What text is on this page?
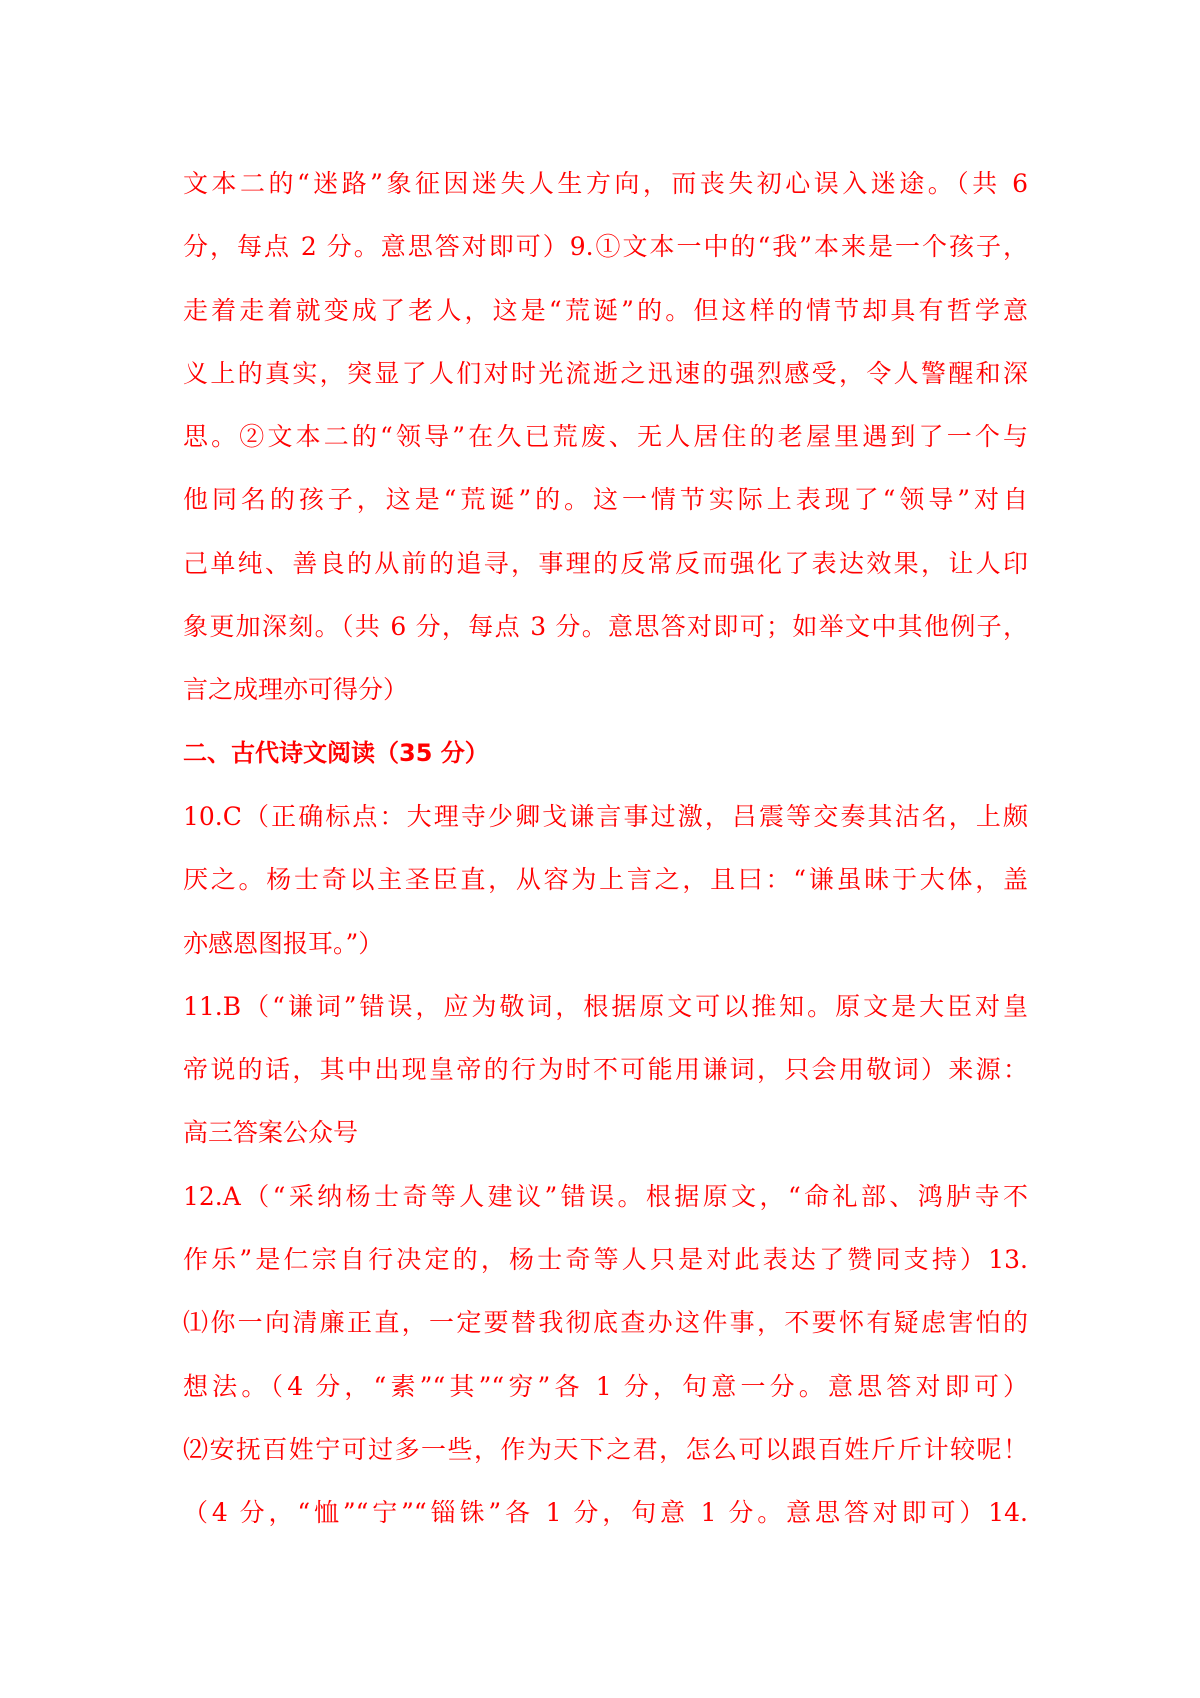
文本二的“迷路”象征因迷失人生方向，而丧失初心误入迷途。（共 6
分，每点 2 分。意思答对即可）9.①文本一中的“我”本来是一个孩子，
走着走着就变成了老人，这是“荒诞”的。但这样的情节却具有哲学意
义上的真实，突显了人们对时光流逝之迅速的强烈感受，令人警醒和深
思。②文本二的“领导”在久已荒废、无人居住的老屋里遇到了一个与
他同名的孩子，这是“荒诞”的。这一情节实际上表现了“领导”对自
己单纯、善良的从前的追寻，事理的反常反而强化了表达效果，让人印
象更加深刻。（共 6 分，每点 3 分。意思答对即可；如举文中其他例子，
言之成理亦可得分）
二、古代诗文阅读（35 分）
10.C（正确标点：大理寺少卿戈谦言事过激，吕震等交奏其沽名，上颇
厌之。杨士奇以主圣臣直，从容为上言之，且曰：“谦虽昧于大体，盖
亦感恩图报耳。”）
11.B（“谦词”错误，应为敬词，根据原文可以推知。原文是大臣对皇
帝说的话，其中出现皇帝的行为时不可能用谦词，只会用敬词）来源：
高三答案公众号
12.A（“采纳杨士奇等人建议”错误。根据原文，“命礼部、鸿胪寺不
作乐”是仁宗自行决定的，杨士奇等人只是对此表达了赞同支持）13.
⑴你一向清廉正直，一定要替我彻底查办这件事，不要怀有疑虑害怕的
想法。（4 分，“素”“其”“穷”各 1 分，句意一分。意思答对即可）
⑵安抚百姓宁可过多一些，作为天下之君，怎么可以跟百姓斤斤计较呢！
（4 分，“恤”“宁”“锱铢”各 1 分，句意 1 分。意思答对即可）14.
